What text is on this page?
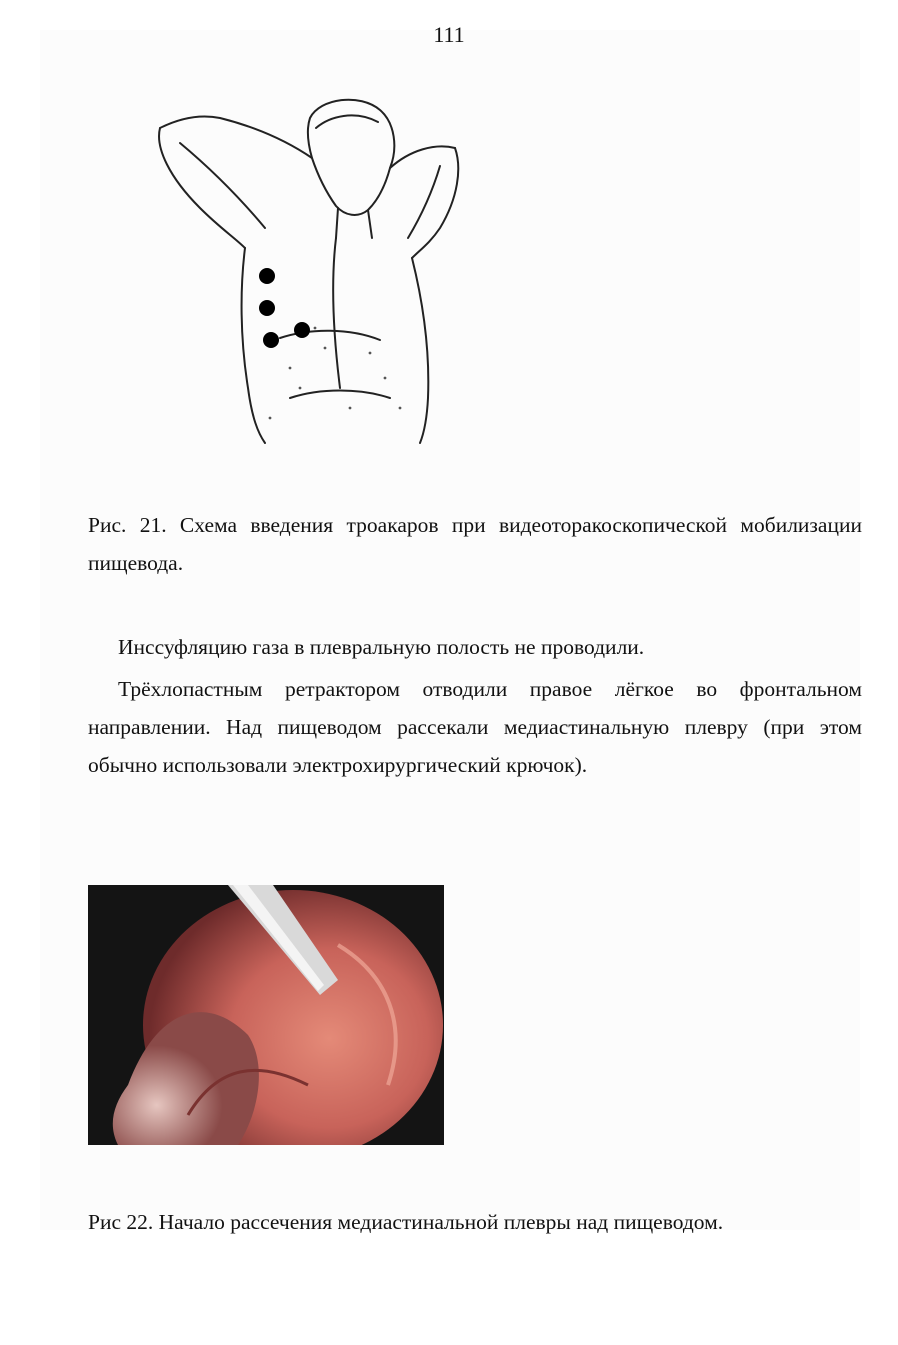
111
Рис. 21. Схема введения троакаров при видеоторакоскопической мобилизации пищевода.
Инссуфляцию газа в плевральную полость не проводили.
Трёхлопастным ретрактором отводили правое лёгкое во фронтальном направлении. Над пищеводом рассекали медиастинальную плевру (при этом обычно использовали электрохирургический крючок).
Рис 22. Начало рассечения медиастинальной плевры над пищеводом.
